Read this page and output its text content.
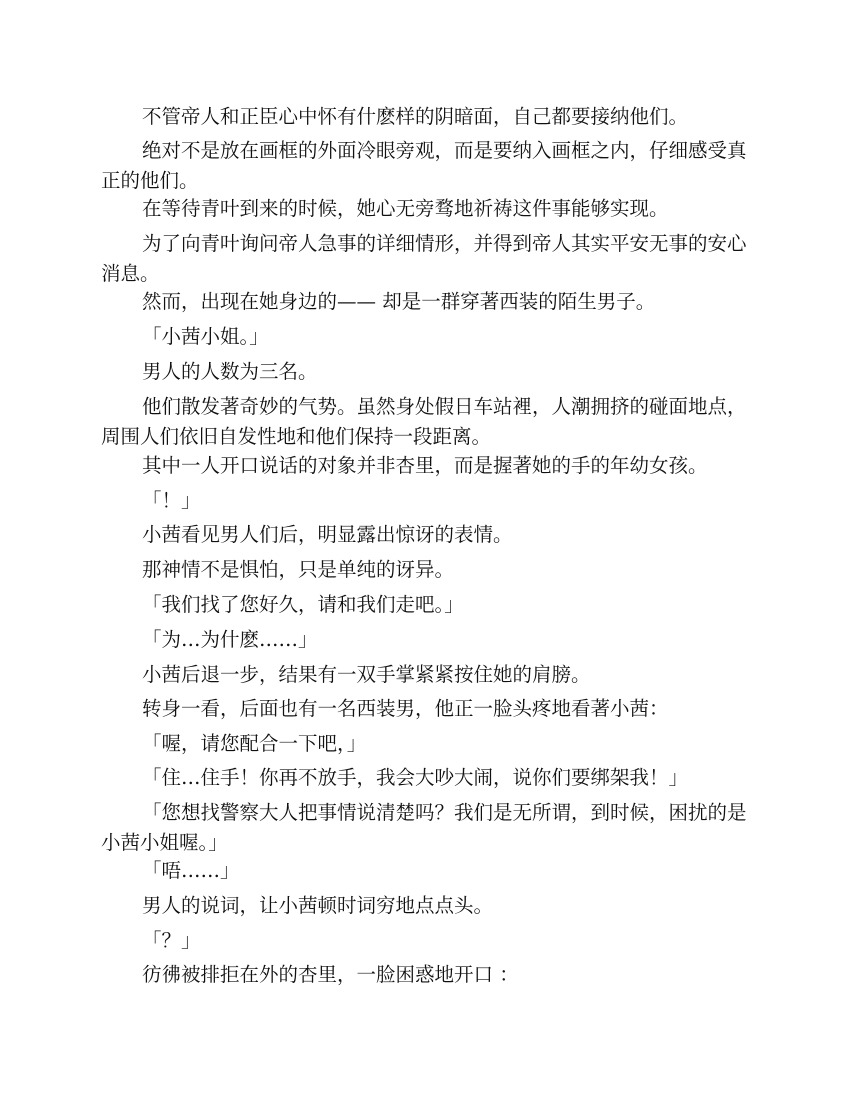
不管帝人和正臣心中怀有什麽样的阴暗面，自己都要接纳他们。

绝对不是放在画框的外面冷眼旁观，而是要纳入画框之内，仔细感受真正的他们。

在等待青叶到来的时候，她心无旁骛地祈祷这件事能够实现。

为了向青叶询问帝人急事的详细情形，并得到帝人其实平安无事的安心消息。

然而，出现在她身边的—— 却是一群穿著西装的陌生男子。

「小茜小姐。」

男人的人数为三名。

他们散发著奇妙的气势。虽然身处假日车站裡，人潮拥挤的碰面地点，周围人们依旧自发性地和他们保持一段距离。

其中一人开口说话的对象并非杏里，而是握著她的手的年幼女孩。

「！」

小茜看见男人们后，明显露出惊讶的表情。

那神情不是惧怕，只是单纯的讶异。

「我们找了您好久，请和我们走吧。」

「为…为什麽……」

小茜后退一步，结果有一双手掌紧紧按住她的肩膀。

转身一看，后面也有一名西装男，他正一脸头疼地看著小茜：

「喔，请您配合一下吧，」

「住…住手！你再不放手，我会大吵大闹，说你们要绑架我！」

「您想找警察大人把事情说清楚吗？我们是无所谓，到时候，困扰的是小茜小姐喔。」

「唔……」

男人的说词，让小茜顿时词穷地点点头。

「？」

彷彿被排拒在外的杏里，一脸困惑地开口 ：
